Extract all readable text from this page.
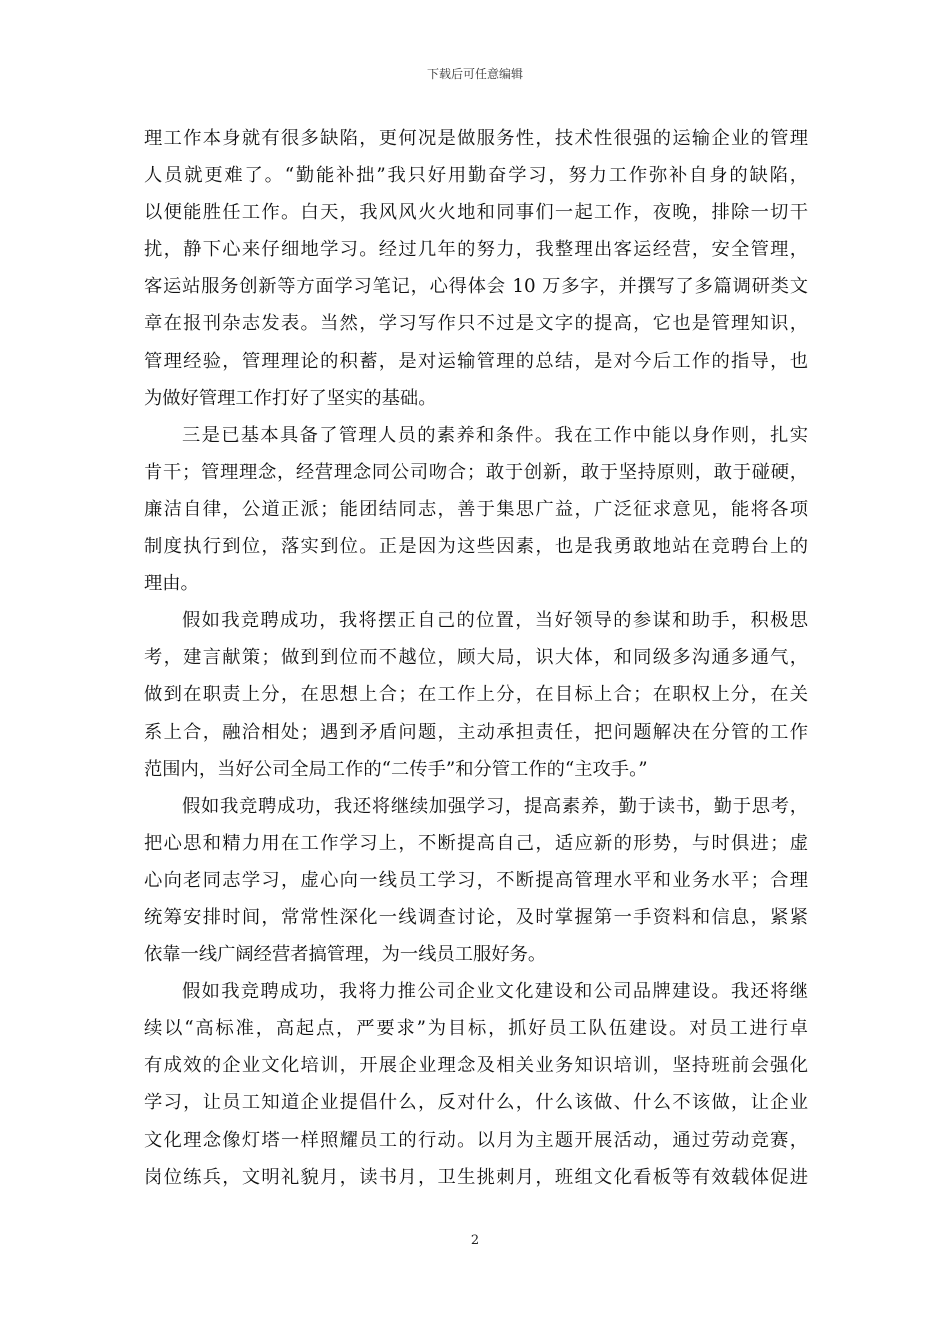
下载后可任意编辑
理工作本身就有很多缺陷，更何况是做服务性，技术性很强的运输企业的管理
人员就更难了。“勤能补拙”我只好用勤奋学习，努力工作弥补自身的缺陷，
以便能胜任工作。白天，我风风火火地和同事们一起工作，夜晚，排除一切干
扰，静下心来仔细地学习。经过几年的努力，我整理出客运经营，安全管理，
客运站服务创新等方面学习笔记，心得体会 10 万多字，并撰写了多篇调研类文
章在报刊杂志发表。当然，学习写作只不过是文字的提高，它也是管理知识，
管理经验，管理理论的积蓄，是对运输管理的总结，是对今后工作的指导，也
为做好管理工作打好了坚实的基础。
三是已基本具备了管理人员的素养和条件。我在工作中能以身作则，扎实
肯干；管理理念，经营理念同公司吻合；敢于创新，敢于坚持原则，敢于碰硬，
廉洁自律，公道正派；能团结同志，善于集思广益，广泛征求意见，能将各项
制度执行到位，落实到位。正是因为这些因素，也是我勇敢地站在竞聘台上的
理由。
假如我竞聘成功，我将摆正自己的位置，当好领导的参谋和助手，积极思
考，建言献策；做到到位而不越位，顾大局，识大体，和同级多沟通多通气，
做到在职责上分，在思想上合；在工作上分，在目标上合；在职权上分，在关
系上合，融洽相处；遇到矛盾问题，主动承担责任，把问题解决在分管的工作
范围内，当好公司全局工作的“二传手”和分管工作的“主攻手。”
假如我竞聘成功，我还将继续加强学习，提高素养，勤于读书，勤于思考，
把心思和精力用在工作学习上，不断提高自己，适应新的形势，与时俱进；虚
心向老同志学习，虚心向一线员工学习，不断提高管理水平和业务水平；合理
统筹安排时间，常常性深化一线调查讨论，及时掌握第一手资料和信息，紧紧
依靠一线广阔经营者搞管理，为一线员工服好务。
假如我竞聘成功，我将力推公司企业文化建设和公司品牌建设。我还将继
续以“高标准，高起点，严要求”为目标，抓好员工队伍建设。对员工进行卓
有成效的企业文化培训，开展企业理念及相关业务知识培训，坚持班前会强化
学习，让员工知道企业提倡什么，反对什么，什么该做、什么不该做，让企业
文化理念像灯塔一样照耀员工的行动。以月为主题开展活动，通过劳动竞赛，
岗位练兵，文明礼貌月，读书月，卫生挑刺月，班组文化看板等有效载体促进
2
